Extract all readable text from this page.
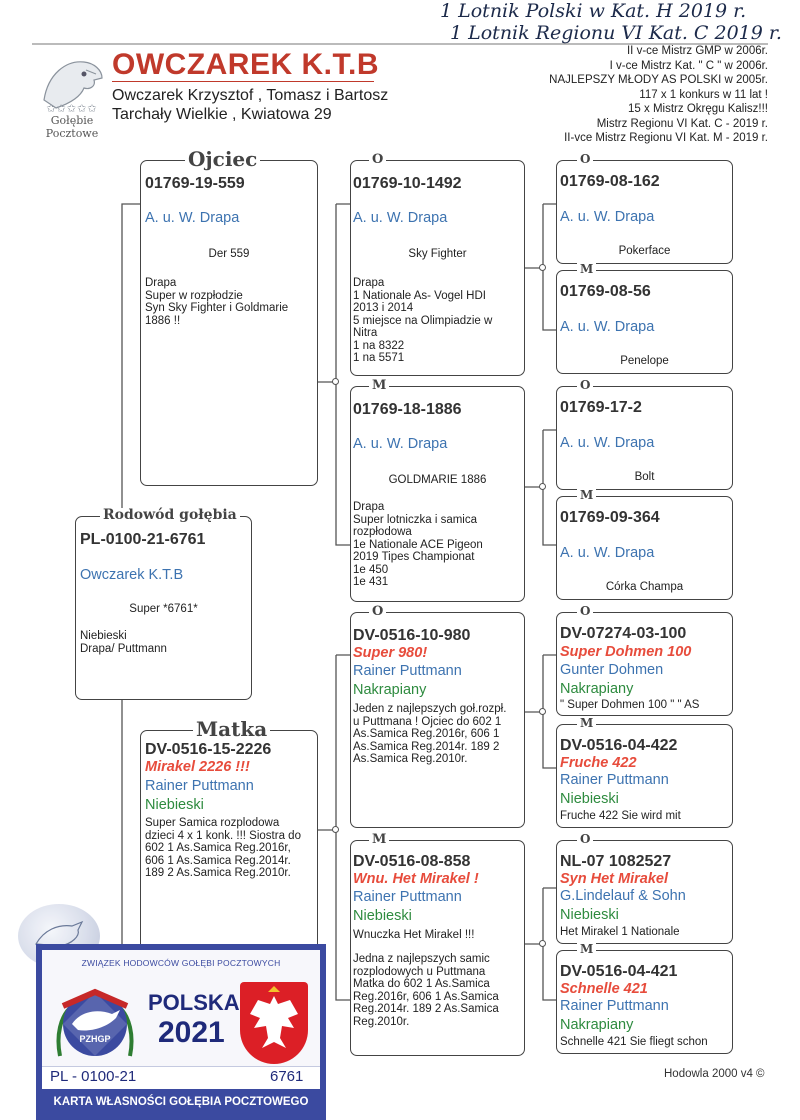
1 Lotnik Polski w Kat. H 2019 r.
1 Lotnik Regionu VI Kat. C 2019 r.
✩✩✩✩✩
Gołębie
Pocztowe
OWCZAREK K.T.B
Owczarek Krzysztof , Tomasz i Bartosz
Tarchały Wielkie , Kwiatowa 29
II v-ce Mistrz GMP w 2006r.
I v-ce Mistrz Kat. " C " w 2006r.
NAJLEPSZY MŁODY AS POLSKI w 2005r.
117 x 1 konkurs w 11 lat !
15 x Mistrz Okręgu Kalisz!!!
Mistrz Regionu VI Kat. C - 2019 r.
II-vce Mistrz Regionu VI Kat. M - 2019 r.
Rodowód gołębia
PL-0100-21-6761
Owczarek K.T.B
Super *6761*
Niebieski
Drapa/ Puttmann
Ojciec
01769-19-559
A. u. W. Drapa
Der 559
Drapa
Super w rozpłodzie
Syn Sky Fighter i Goldmarie
1886 !!
Matka
DV-0516-15-2226
Mirakel 2226 !!!
Rainer Puttmann
Niebieski
Super Samica rozplodowa
dzieci 4 x 1 konk. !!! Siostra do
602 1 As.Samica Reg.2016r,
606 1 As.Samica Reg.2014r.
189 2 As.Samica Reg.2010r.
O
01769-10-1492
A. u. W. Drapa
Sky Fighter
Drapa
1 Nationale As- Vogel HDI
2013 i 2014
5 miejsce na Olimpiadzie w
Nitra
1 na 8322
1 na 5571
M
01769-18-1886
A. u. W. Drapa
GOLDMARIE 1886
Drapa
Super lotniczka i samica
rozpłodowa
1e Nationale ACE Pigeon
2019 Tipes Championat
1e 450
1e 431
O
DV-0516-10-980
Super 980!
Rainer Puttmann
Nakrapiany
Jeden z najlepszych goł.rozpł.
u Puttmana ! Ojciec do 602 1
As.Samica Reg.2016r, 606 1
As.Samica Reg.2014r. 189 2
As.Samica Reg.2010r.
M
DV-0516-08-858
Wnu. Het Mirakel !
Rainer Puttmann
Niebieski
Wnuczka Het Mirakel !!!
Jedna z najlepszych samic
rozplodowych u Puttmana
Matka do 602 1 As.Samica
Reg.2016r, 606 1 As.Samica
Reg.2014r. 189 2 As.Samica
Reg.2010r.
O
01769-08-162
A. u. W. Drapa
Pokerface
M
01769-08-56
A. u. W. Drapa
Penelope
O
01769-17-2
A. u. W. Drapa
Bolt
M
01769-09-364
A. u. W. Drapa
Córka Champa
O
DV-07274-03-100
Super Dohmen 100
Gunter Dohmen
Nakrapiany
" Super Dohmen 100 " " AS
M
DV-0516-04-422
Fruche 422
Rainer Puttmann
Niebieski
Fruche 422 Sie wird mit
O
NL-07 1082527
Syn Het Mirakel
G.Lindelauf & Sohn
Niebieski
Het Mirakel 1 Nationale
M
DV-0516-04-421
Schnelle 421
Rainer Puttmann
Nakrapiany
Schnelle 421 Sie fliegt schon
ZWIĄZEK HODOWCÓW GOŁĘBI POCZTOWYCH
PZHGP
POLSKA
2021
PL - 0100-21	6761
KARTA WŁASNOŚCI GOŁĘBIA POCZTOWEGO
Hodowla 2000 v4 ©
